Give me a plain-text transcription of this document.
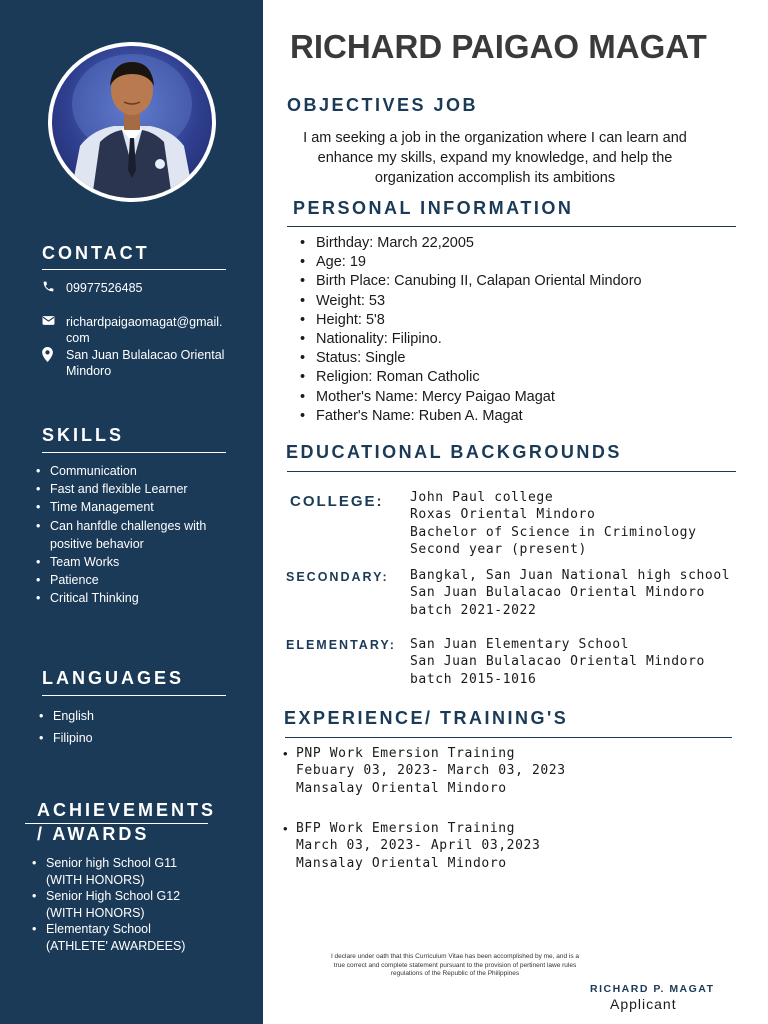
CONTACT
09977526485
richardpaigaomagat@gmail.
com
San Juan Bulalacao Oriental
Mindoro
SKILLS
• Communication
• Fast and flexible Learner
• Time Management
• Can hanfdle challenges with
positive behavior
• Team Works
• Patience
• Critical Thinking
LANGUAGES
• English
• Filipino
ACHIEVEMENTS
/ AWARDS
• Senior high School G11
(WITH HONORS)
• Senior High School G12
(WITH HONORS)
• Elementary School
(ATHLETE' AWARDEES)
RICHARD PAIGAO MAGAT
OBJECTIVES JOB
I am seeking a job in the organization where I can learn and
enhance my skills, expand my knowledge, and help the
organization accomplish its ambitions
PERSONAL INFORMATION
• Birthday: March 22,2005
• Age: 19
• Birth Place: Canubing II, Calapan Oriental Mindoro
• Weight: 53
• Height: 5'8
• Nationality: Filipino.
• Status: Single
• Religion: Roman Catholic
• Mother's Name: Mercy Paigao Magat
• Father's Name: Ruben A. Magat
EDUCATIONAL BACKGROUNDS
COLLEGE: John Paul college
Roxas Oriental Mindoro
Bachelor of Science in Criminology
Second year (present)
SECONDARY: Bangkal, San Juan National high school
San Juan Bulalacao Oriental Mindoro
batch 2021-2022
ELEMENTARY: San Juan Elementary School
San Juan Bulalacao Oriental Mindoro
batch 2015-1016
EXPERIENCE/ TRAINING'S
• PNP Work Emersion Training
Febuary 03, 2023- March 03, 2023
Mansalay Oriental Mindoro
• BFP Work Emersion Training
March 03, 2023- April 03,2023
Mansalay Oriental Mindoro
I declare under oath that this Curriculum Vitae has been accomplished by me, and is a
true correct and complete statement pursuant to the provision of pertinent lawe rules
regulations of the Republic of the Philippines
RICHARD P. MAGAT
Applicant
